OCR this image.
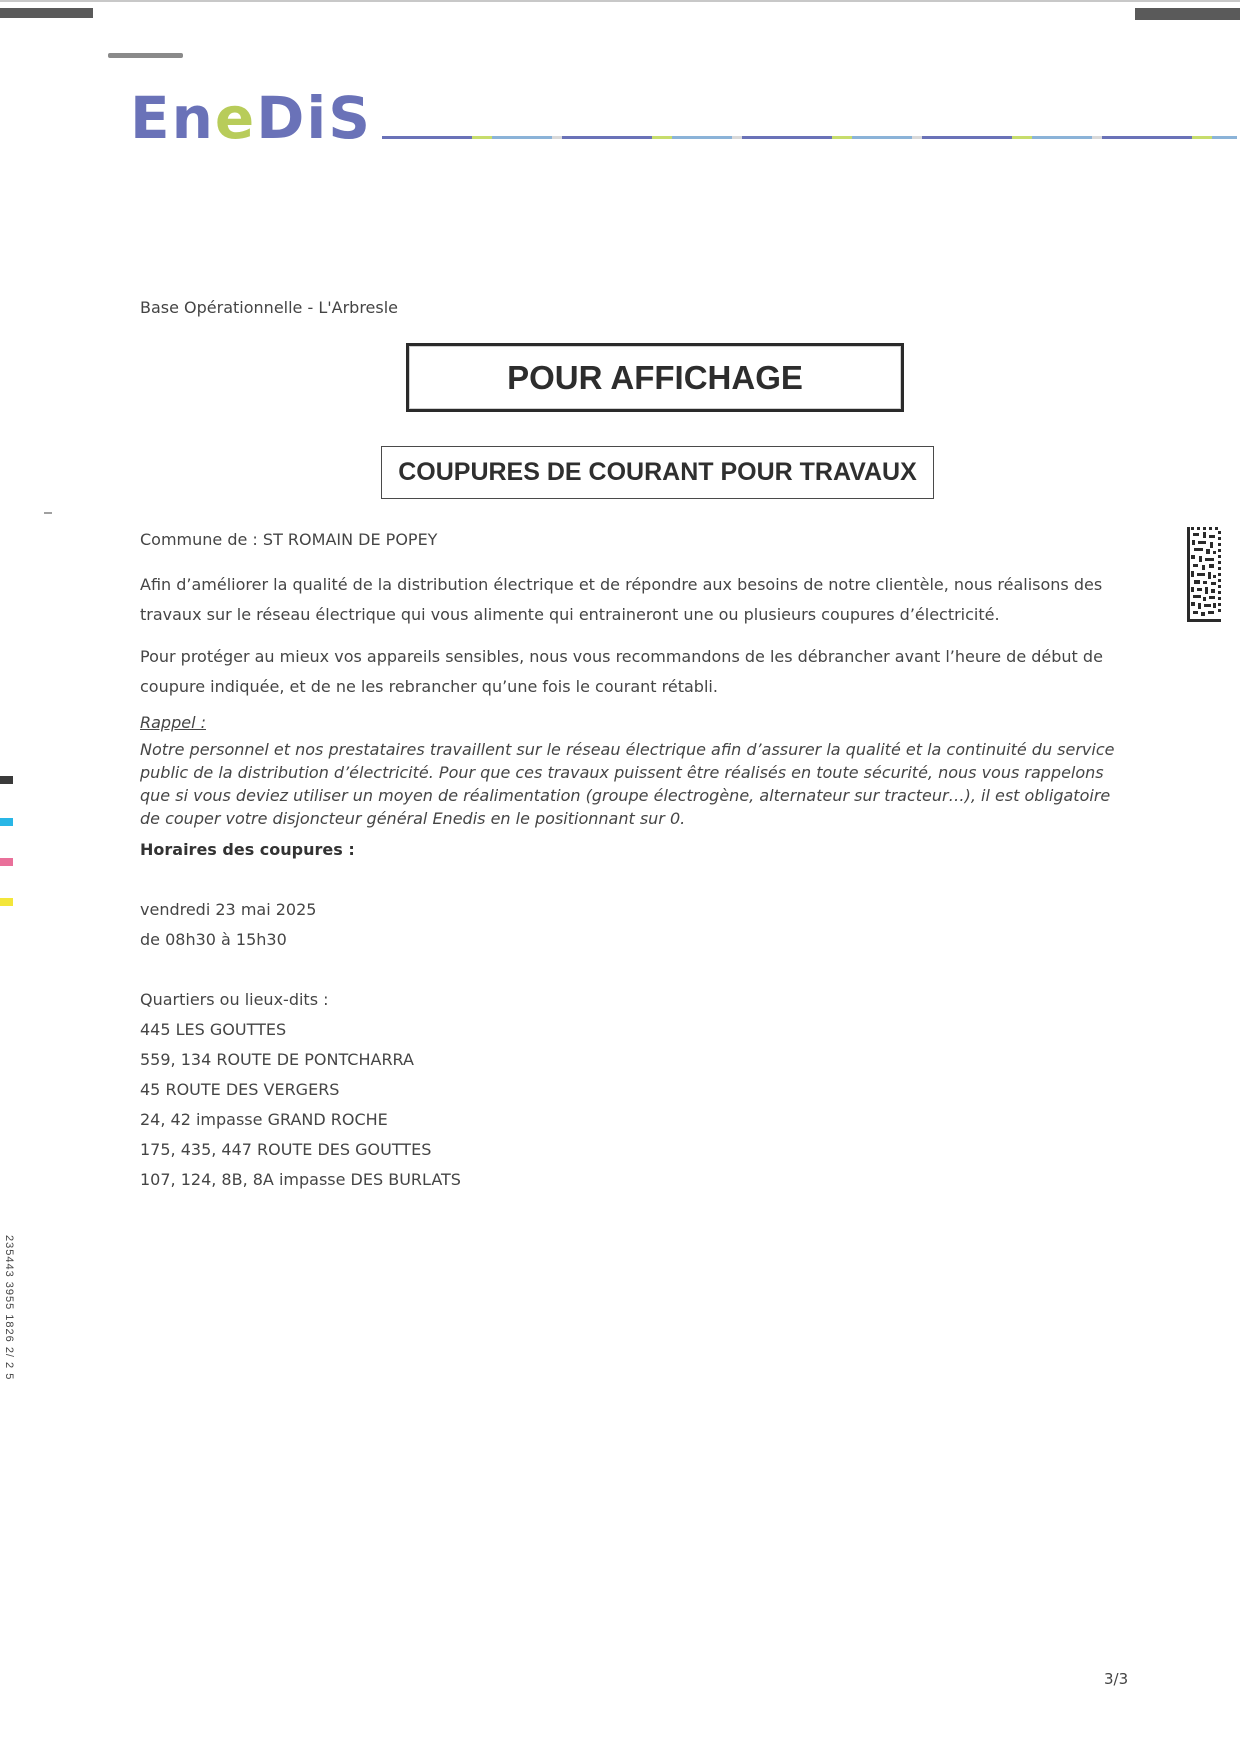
EneDiS
Base Opérationnelle - L'Arbresle
POUR AFFICHAGE
COUPURES DE COURANT POUR TRAVAUX
Commune de : ST ROMAIN DE POPEY
Afin d’améliorer la qualité de la distribution électrique et de répondre aux besoins de notre clientèle, nous réalisons des travaux sur le réseau électrique qui vous alimente qui entraineront une ou plusieurs coupures d’électricité.
Pour protéger au mieux vos appareils sensibles, nous vous recommandons de les débrancher avant l’heure de début de coupure indiquée, et de ne les rebrancher qu’une fois le courant rétabli.
Rappel :
Notre personnel et nos prestataires travaillent sur le réseau électrique afin d’assurer la qualité et la continuité du service public de la distribution d’électricité. Pour que ces travaux puissent être réalisés en toute sécurité, nous vous rappelons que si vous deviez utiliser un moyen de réalimentation (groupe électrogène, alternateur sur tracteur…), il est obligatoire de couper votre disjoncteur général Enedis en le positionnant sur 0.
Horaires des coupures :
vendredi 23 mai 2025
de 08h30 à 15h30
Quartiers ou lieux-dits :
445 LES GOUTTES
559, 134 ROUTE DE PONTCHARRA
45 ROUTE DES VERGERS
24, 42 impasse GRAND ROCHE
175, 435, 447 ROUTE DES GOUTTES
107, 124, 8B, 8A impasse DES BURLATS
235443 3955 1826 2/ 2 5
3/3
